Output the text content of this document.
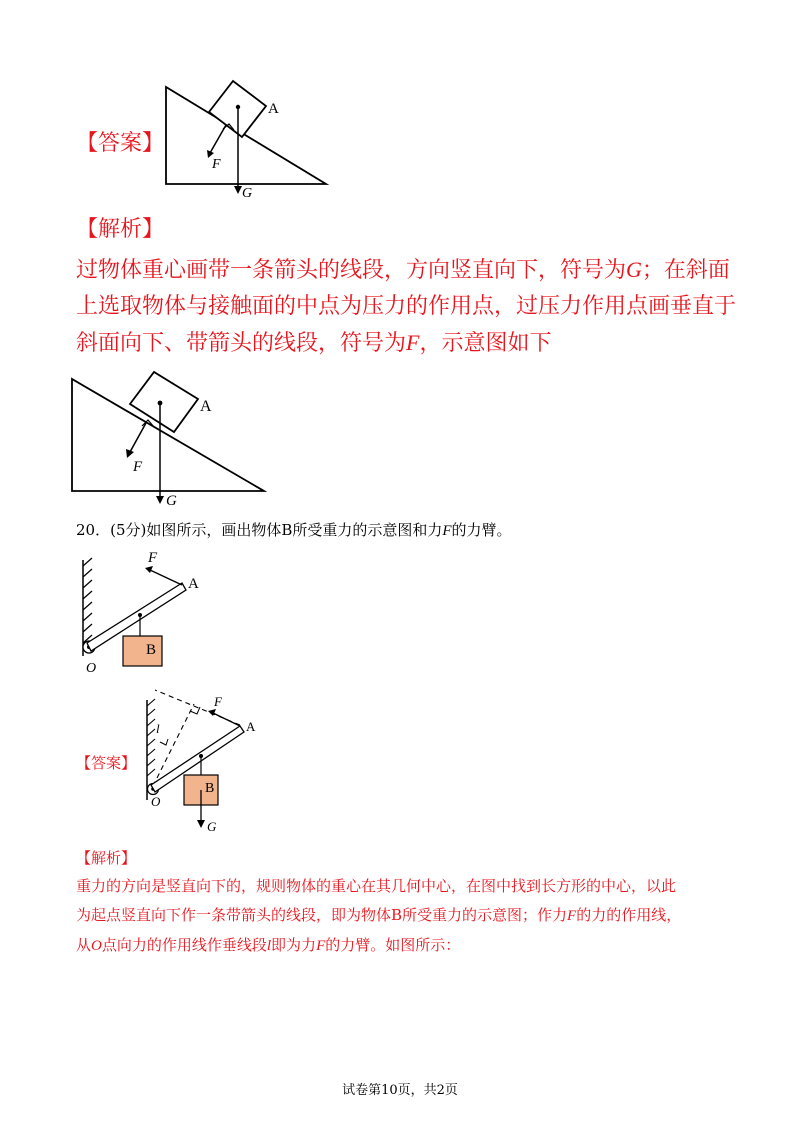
【答案】
A
F
G
【解析】
过物体重心画带一条箭头的线段，方向竖直向下，符号为G；在斜面
上选取物体与接触面的中点为压力的作用点，过压力作用点画垂直于
斜面向下、带箭头的线段，符号为F，示意图如下
A
F
G
20．(5分)如图所示，画出物体B所受重力的示意图和力F的力臂。
F
A
B
O
【答案】
F
A
l
B
O
G
【解析】
重力的方向是竖直向下的，规则物体的重心在其几何中心，在图中找到长方形的中心，以此
为起点竖直向下作一条带箭头的线段，即为物体B所受重力的示意图；作力F的力的作用线，
从O点向力的作用线作垂线段l即为力F的力臂。如图所示：
试卷第10页，共2页
